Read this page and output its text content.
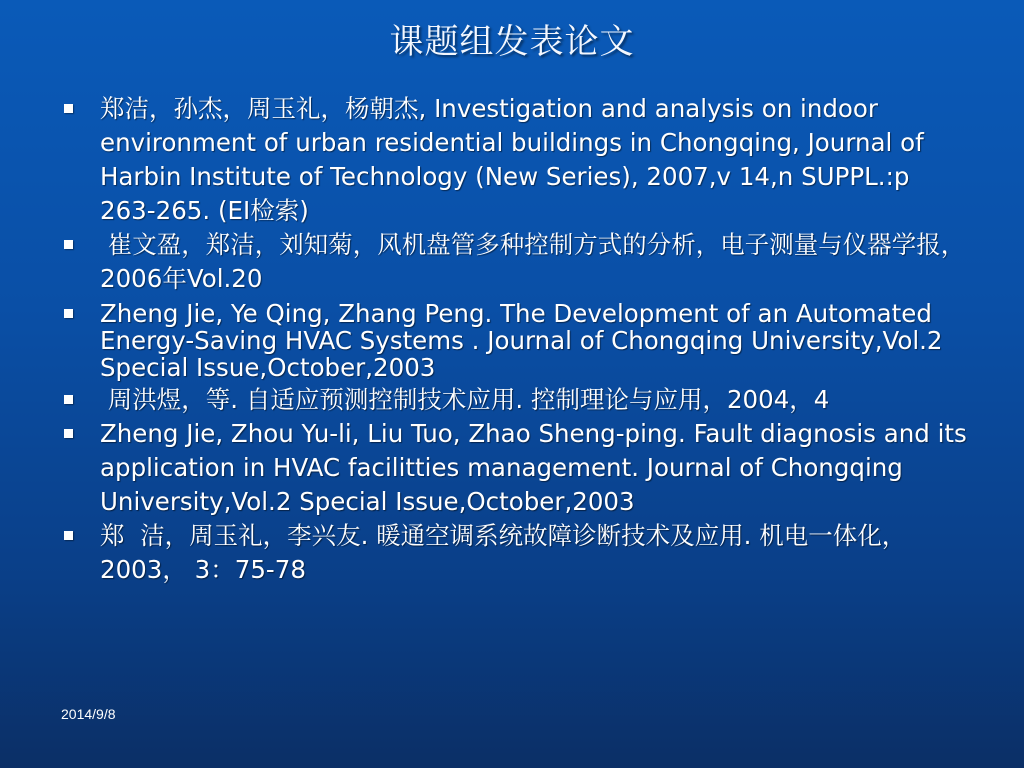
课题组发表论文
郑洁，孙杰，周玉礼，杨朝杰, Investigation and analysis on indoor environment of urban residential buildings in Chongqing, Journal of Harbin Institute of Technology (New Series), 2007,v 14,n SUPPL.:p 263-265. (EI检索)
崔文盈，郑洁，刘知菊，风机盘管多种控制方式的分析，电子测量与仪器学报，2006年Vol.20
Zheng Jie, Ye Qing, Zhang Peng. The Development of an Automated Energy-Saving HVAC Systems . Journal of Chongqing University,Vol.2 Special Issue,October,2003
周洪煜，等. 自适应预测控制技术应用. 控制理论与应用，2004，4
Zheng Jie, Zhou Yu-li, Liu Tuo, Zhao Sheng-ping. Fault diagnosis and its application in HVAC facilitties management. Journal of Chongqing University,Vol.2 Special Issue,October,2003
郑  洁，周玉礼，李兴友. 暖通空调系统故障诊断技术及应用. 机电一体化，2003， 3：75-78
2014/9/8
